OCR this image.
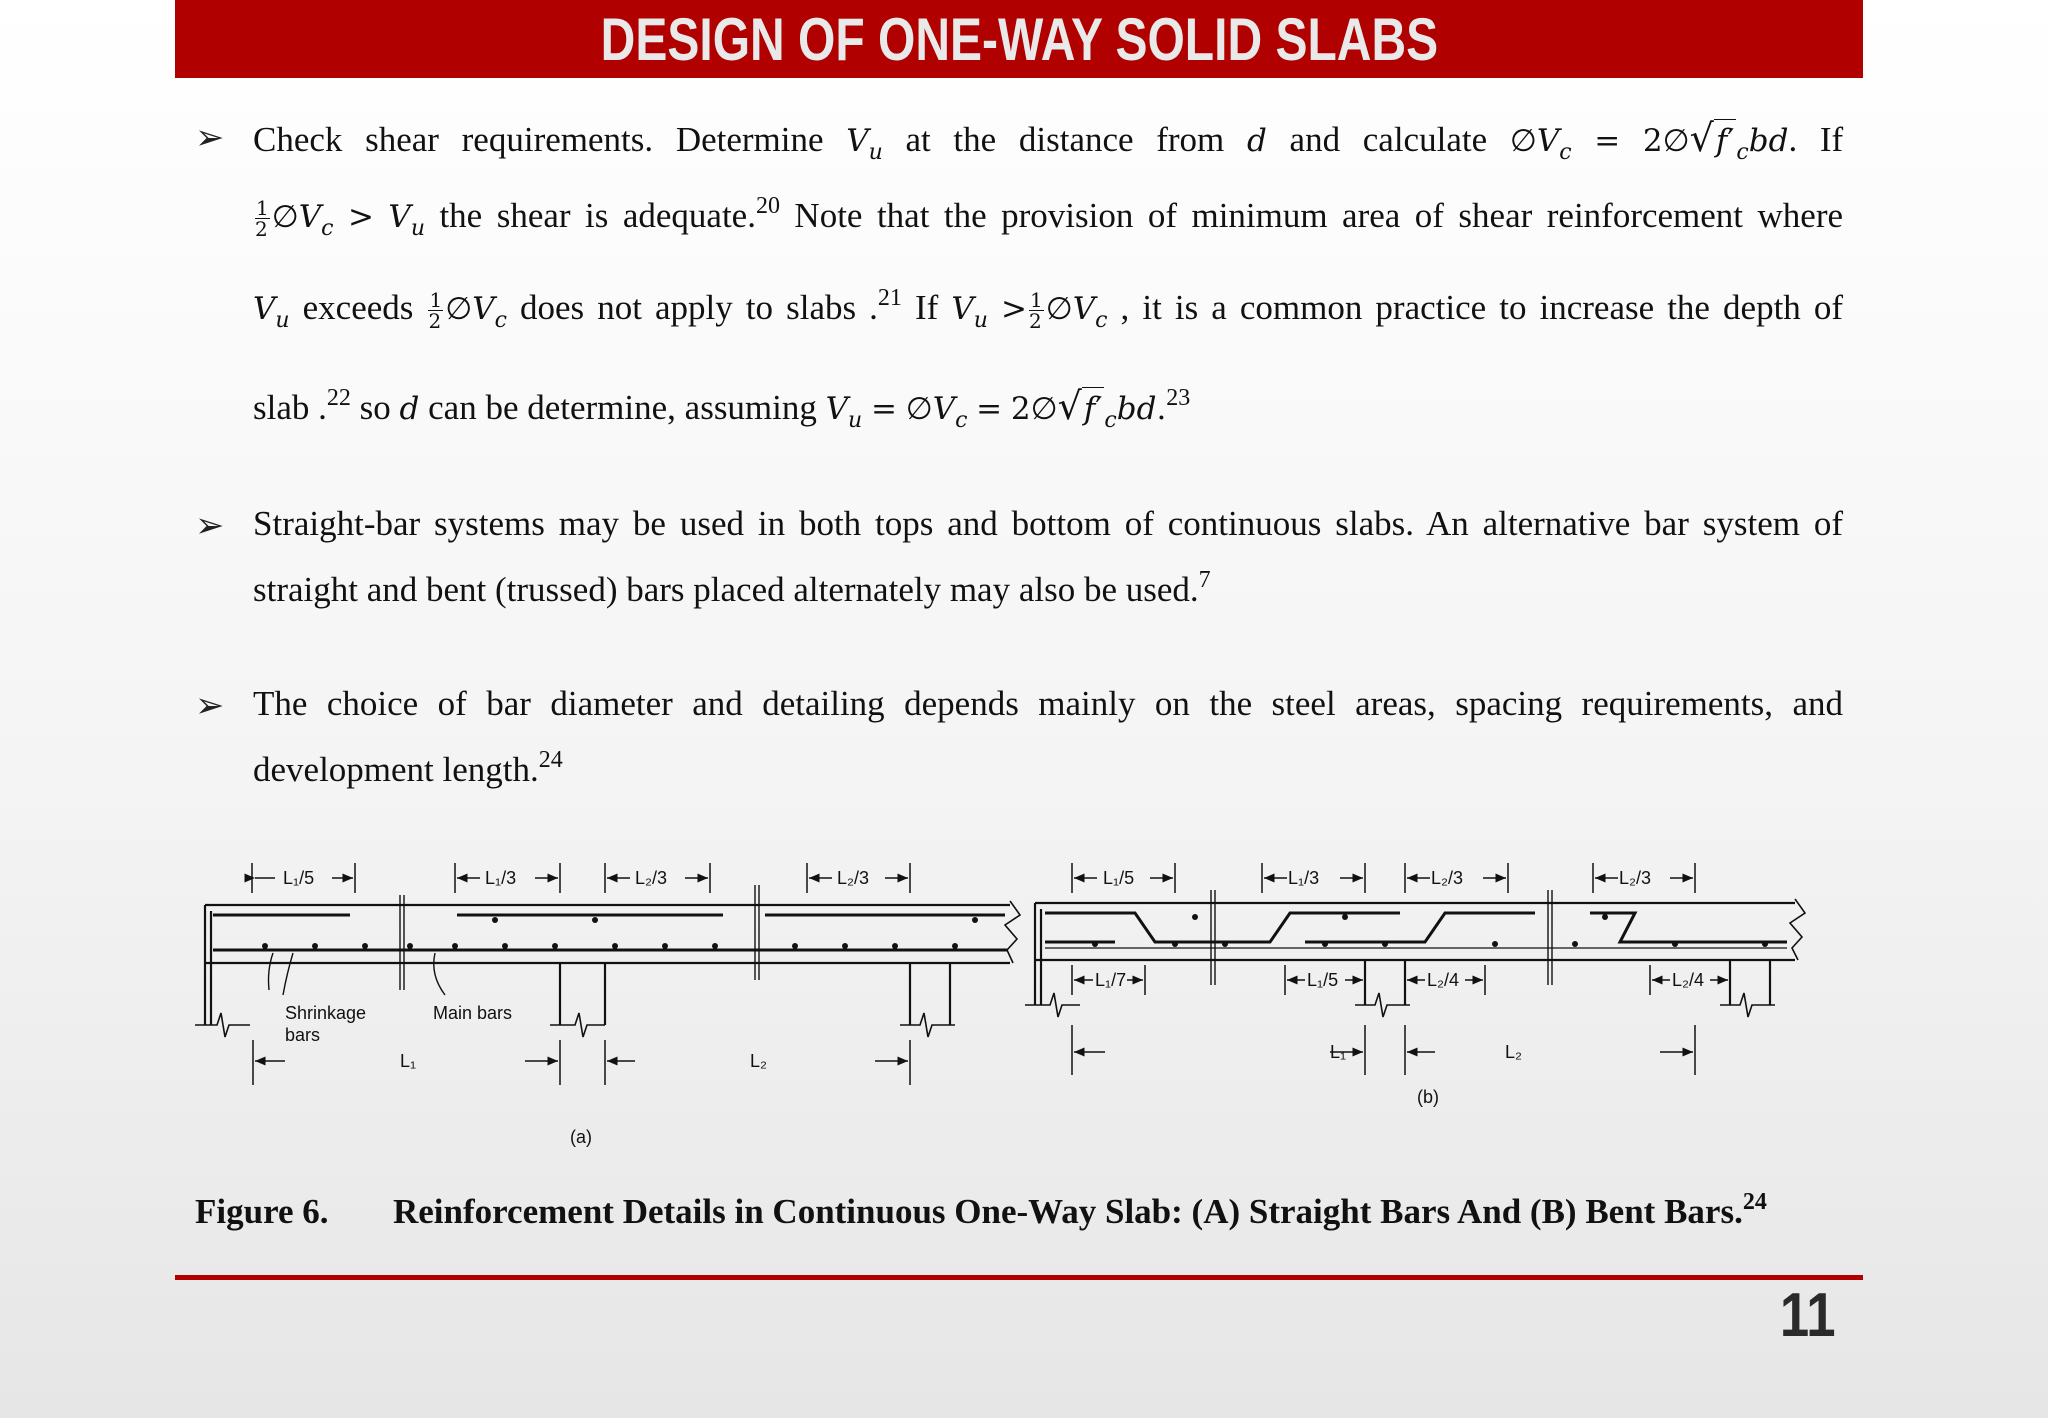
DESIGN OF ONE-WAY SOLID SLABS
➢ Check shear requirements. Determine $V_u$ at the distance from d and calculate $\emptyset V_c$ = $2\emptyset√f'_cbd$. If
$\frac{1}{2}$ $\emptyset V_c > V_u$ the shear is adequate.$^{20}$ Note that the provision of minimum area of shear reinforcement where
$V_u$ exceeds $\frac{1}{2}$ $\emptyset V_c$ does not apply to slabs .$^{21}$ If $V_u > \frac{1}{2}$ $\emptyset V_c$ , it is a common practice to increase the depth of
slab .$^{22}$ so d can be determine, assuming $V_u$ = $\emptyset V_c$ = $2\emptyset√f'_cbd.^{23}$
➢ Straight-bar systems may be used in both tops and bottom of continuous slabs. An alternative bar system of
straight and bent (trussed) bars placed alternately may also be used.$^7$
➢ The choice of bar diameter and detailing depends mainly on the steel areas, spacing requirements, and
development length.$^{24}$
L₁/5	L₁/3	L₂/3	L₂/3
Shrinkage
bars
Main bars
L₁	L₂
(a)
L₁/5	L₁/3	L₂/3	L₂/3
L₁/7	L₁/5	L₂/4	L₂/4
L₁	L₂
(b)
Figure 6. Reinforcement Details in Continuous One-Way Slab: (A) Straight Bars And (B) Bent Bars.$^{24}$
11
